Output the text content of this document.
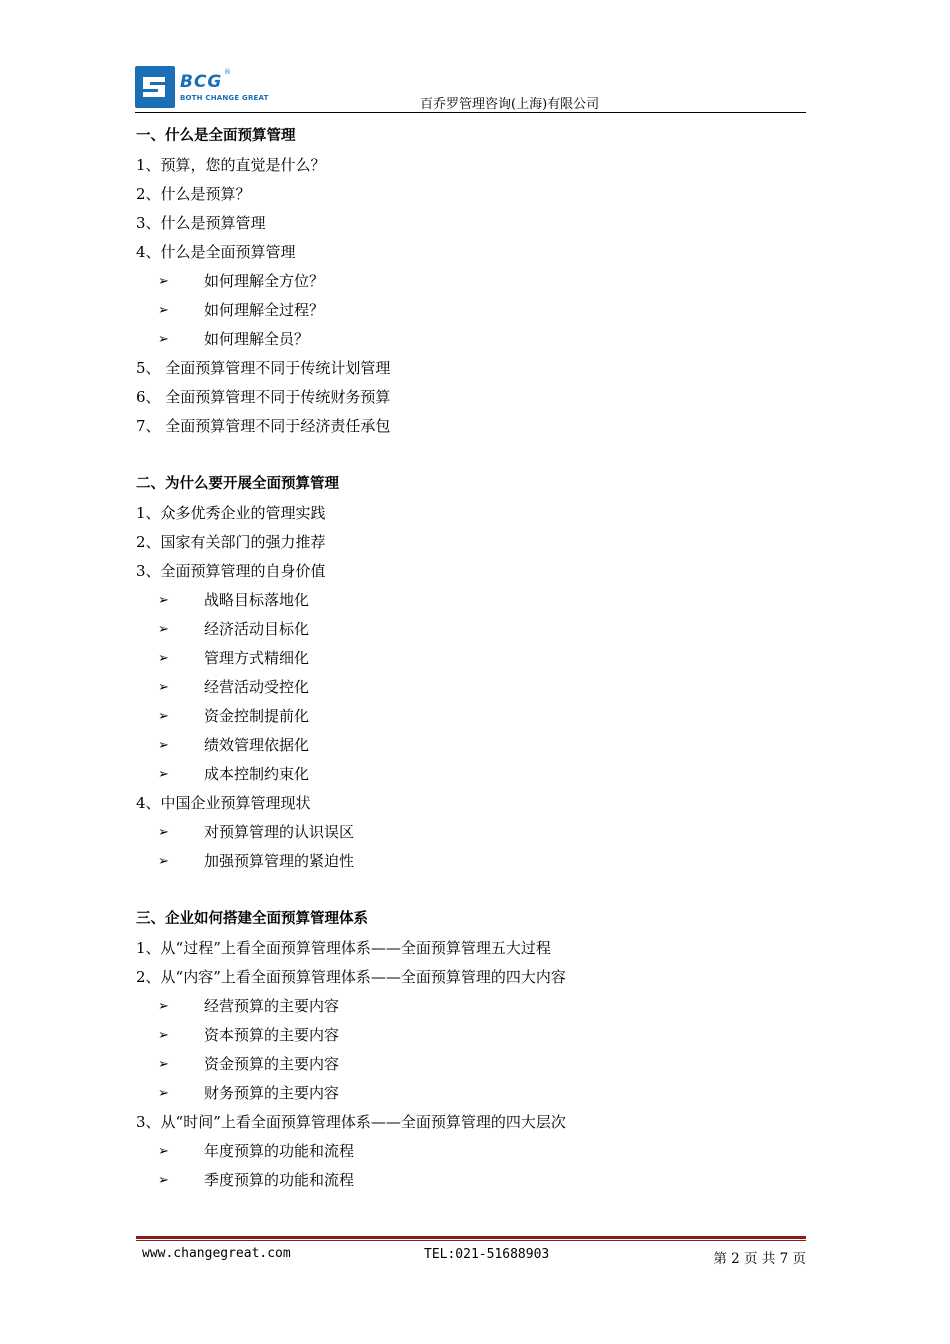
BCG ®
BOTH CHANGE GREAT	百乔罗管理咨询(上海)有限公司
一、什么是全面预算管理
1、预算，您的直觉是什么？
2、什么是预算？
3、什么是预算管理
4、什么是全面预算管理
➢ 如何理解全方位？
➢ 如何理解全过程？
➢ 如何理解全员？
5、 全面预算管理不同于传统计划管理
6、 全面预算管理不同于传统财务预算
7、 全面预算管理不同于经济责任承包
二、为什么要开展全面预算管理
1、众多优秀企业的管理实践
2、国家有关部门的强力推荐
3、全面预算管理的自身价值
➢ 战略目标落地化
➢ 经济活动目标化
➢ 管理方式精细化
➢ 经营活动受控化
➢ 资金控制提前化
➢ 绩效管理依据化
➢ 成本控制约束化
4、中国企业预算管理现状
➢ 对预算管理的认识误区
➢ 加强预算管理的紧迫性
三、企业如何搭建全面预算管理体系
1、从“过程”上看全面预算管理体系——全面预算管理五大过程
2、从“内容”上看全面预算管理体系——全面预算管理的四大内容
➢ 经营预算的主要内容
➢ 资本预算的主要内容
➢ 资金预算的主要内容
➢ 财务预算的主要内容
3、从“时间”上看全面预算管理体系——全面预算管理的四大层次
➢ 年度预算的功能和流程
➢ 季度预算的功能和流程
www.changegreat.com	TEL:021-51688903	第 2 页 共 7 页
